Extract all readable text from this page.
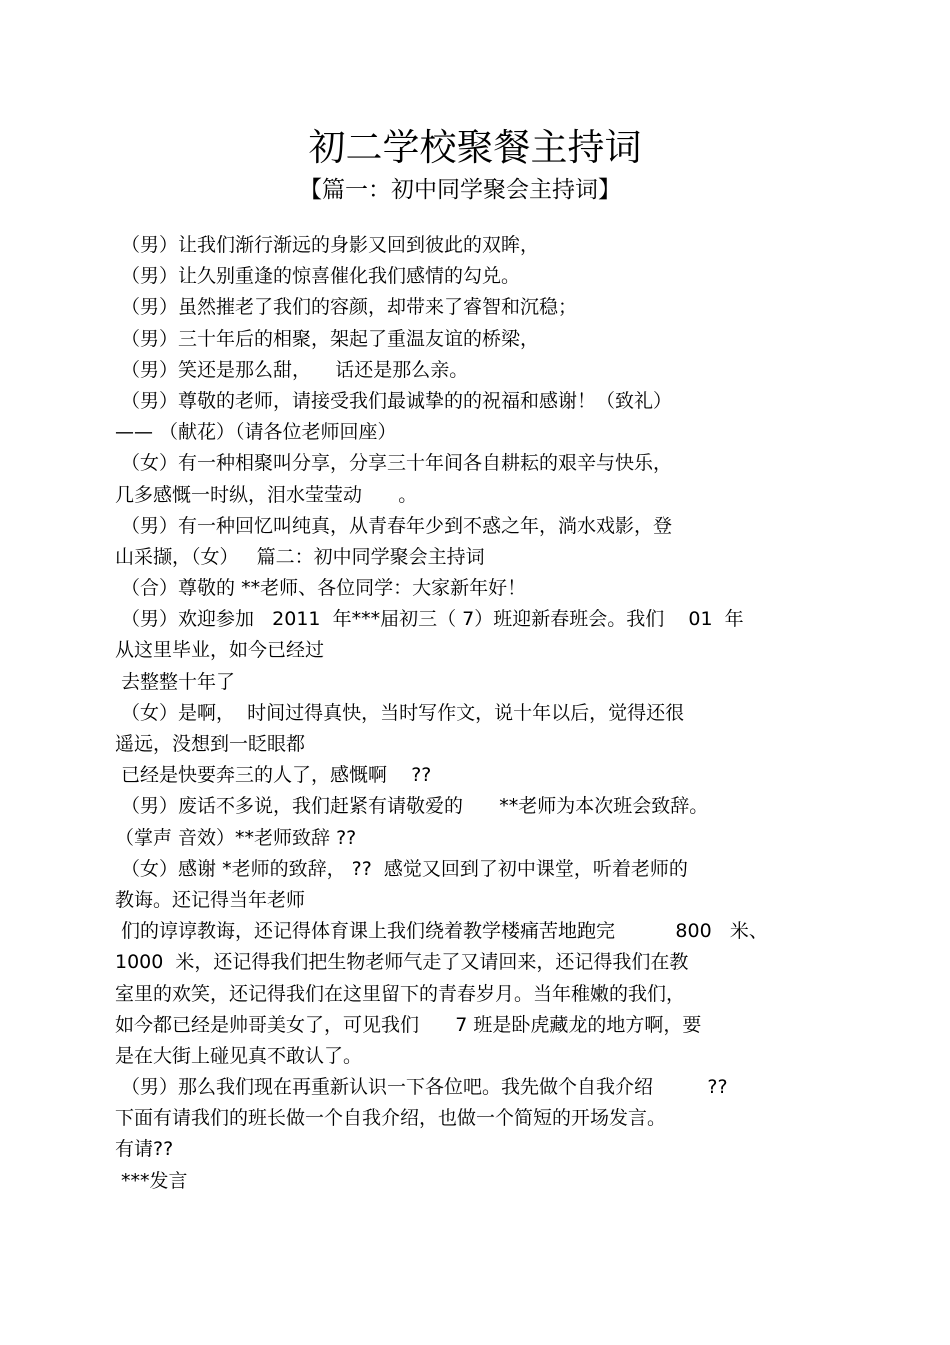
初二学校聚餐主持词
【篇一：初中同学聚会主持词】
（男）让我们渐行渐远的身影又回到彼此的双眸，
（男）让久别重逢的惊喜催化我们感情的勾兑。
（男）虽然摧老了我们的容颜，却带来了睿智和沉稳；
（男）三十年后的相聚，架起了重温友谊的桥梁，
（男）笑还是那么甜，    话还是那么亲。
（男）尊敬的老师，请接受我们最诚挚的的祝福和感谢！（致礼）
—— （献花）（请各位老师回座）
（女）有一种相聚叫分享，分享三十年间各自耕耘的艰辛与快乐，
几多感慨一时纵，泪水莹莹动      。
（男）有一种回忆叫纯真，从青春年少到不惑之年，淌水戏影，登
山采撷，（女）   篇二：初中同学聚会主持词
（合）尊敬的 **老师、各位同学：大家新年好！
（男）欢迎参加   2011  年***届初三（ 7）班迎新春班会。我们    01  年
从这里毕业，如今已经过
去整整十年了
（女）是啊，  时间过得真快，当时写作文，说十年以后，觉得还很
遥远，没想到一眨眼都
已经是快要奔三的人了，感慨啊    ??
（男）废话不多说，我们赶紧有请敬爱的      **老师为本次班会致辞。
（掌声 音效）**老师致辞 ??
（女）感谢 *老师的致辞， ??  感觉又回到了初中课堂，听着老师的
教诲。还记得当年老师
们的谆谆教诲，还记得体育课上我们绕着教学楼痛苦地跑完          800   米、
1000  米，还记得我们把生物老师气走了又请回来，还记得我们在教
室里的欢笑，还记得我们在这里留下的青春岁月。当年稚嫩的我们，
如今都已经是帅哥美女了，可见我们      7 班是卧虎藏龙的地方啊，要
是在大街上碰见真不敢认了。
（男）那么我们现在再重新认识一下各位吧。我先做个自我介绍         ??
下面有请我们的班长做一个自我介绍，也做一个简短的开场发言。
有请??
***发言
